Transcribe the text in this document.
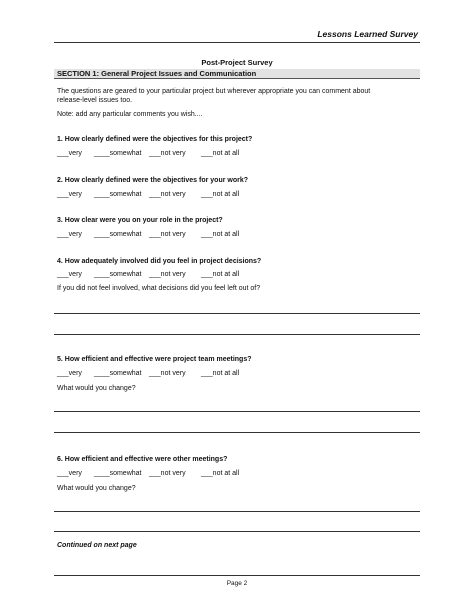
Lessons Learned Survey
Post-Project Survey
SECTION 1: General Project Issues and Communication
The questions are geared to your particular project but wherever appropriate you can comment about
release-level issues too.
Note: add any particular comments you wish....
1. How clearly defined were the objectives for this project?
___very	____somewhat	___not very	___not at all
2. How clearly defined were the objectives for your work?
___very	____somewhat	___not very	___not at all
3. How clear were you on your role in the project?
___very	____somewhat	___not very	___not at all
4. How adequately involved did you feel in project decisions?
___very	____somewhat	___not very	___not at all
If you did not feel involved, what decisions did you feel left out of?
5. How efficient and effective were project team meetings?
___very	____somewhat	___not very	___not at all
What would you change?
6. How efficient and effective were other meetings?
___very	____somewhat	___not very	___not at all
What would you change?
Continued on next page
Page 2
